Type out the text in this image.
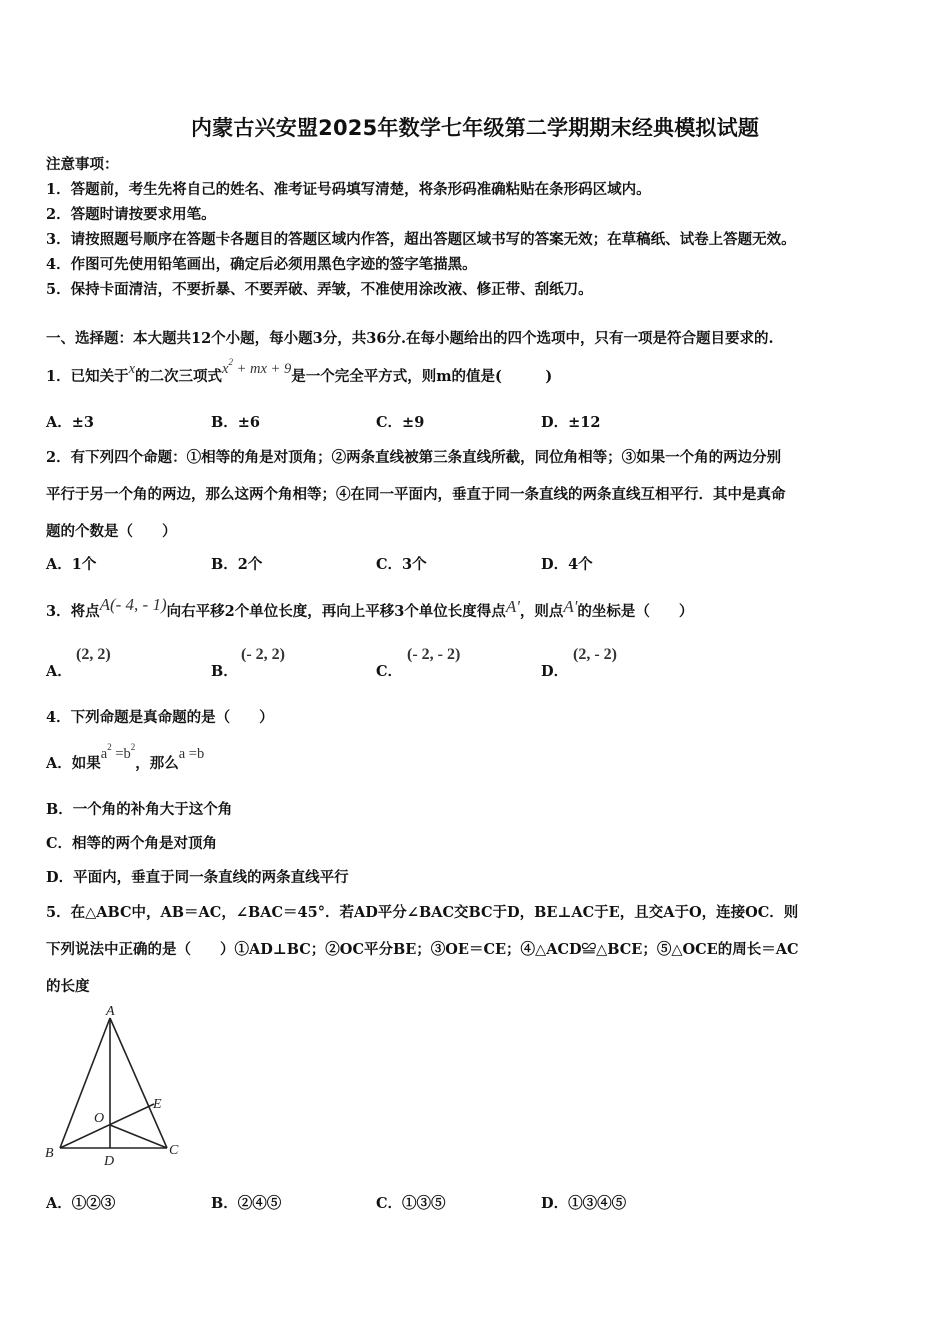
内蒙古兴安盟2025年数学七年级第二学期期末经典模拟试题
注意事项：
1．答题前，考生先将自己的姓名、准考证号码填写清楚，将条形码准确粘贴在条形码区域内。
2．答题时请按要求用笔。
3．请按照题号顺序在答题卡各题目的答题区域内作答，超出答题区域书写的答案无效；在草稿纸、试卷上答题无效。
4．作图可先使用铅笔画出，确定后必须用黑色字迹的签字笔描黑。
5．保持卡面清洁，不要折暴、不要弄破、弄皱，不准使用涂改液、修正带、刮纸刀。
一、选择题：本大题共12个小题，每小题3分，共36分.在每小题给出的四个选项中，只有一项是符合题目要求的.
1．已知关于x的二次三项式$x^2$ + mx + 9是一个完全平方式，则m的值是(　　　)
A．±3	B．±6	C．±9	D．±12
2．有下列四个命题：①相等的角是对顶角；②两条直线被第三条直线所截，同位角相等；③如果一个角的两边分别
平行于另一个角的两边，那么这两个角相等；④在同一平面内，垂直于同一条直线的两条直线互相平行．其中是真命
题的个数是（　　）
A．1个	B．2个	C．3个	D．4个
3．将点A(- 4, - 1)向右平移2个单位长度，再向上平移3个单位长度得点A'，则点A'的坐标是（　　）
A．
(2, 2)
B．
(- 2, 2)
C．
(- 2, - 2)
D．
(2, - 2)
4．下列命题是真命题的是（　　）
A．如果$a^2 =b^2$，那么a =b
B．一个角的补角大于这个角
C．相等的两个角是对顶角
D．平面内，垂直于同一条直线的两条直线平行
5．在△ABC中，AB＝AC，∠BAC＝45°．若AD平分∠BAC交BC于D，BE⊥AC于E，且交A于O，连接OC．则
下列说法中正确的是（　　）①AD⊥BC；②OC平分BE；③OE＝CE；④△ACD≌△BCE；⑤△OCE的周长＝AC
的长度
A
B	C
D
E
O
A．①②③	B．②④⑤	C．①③⑤	D．①③④⑤
